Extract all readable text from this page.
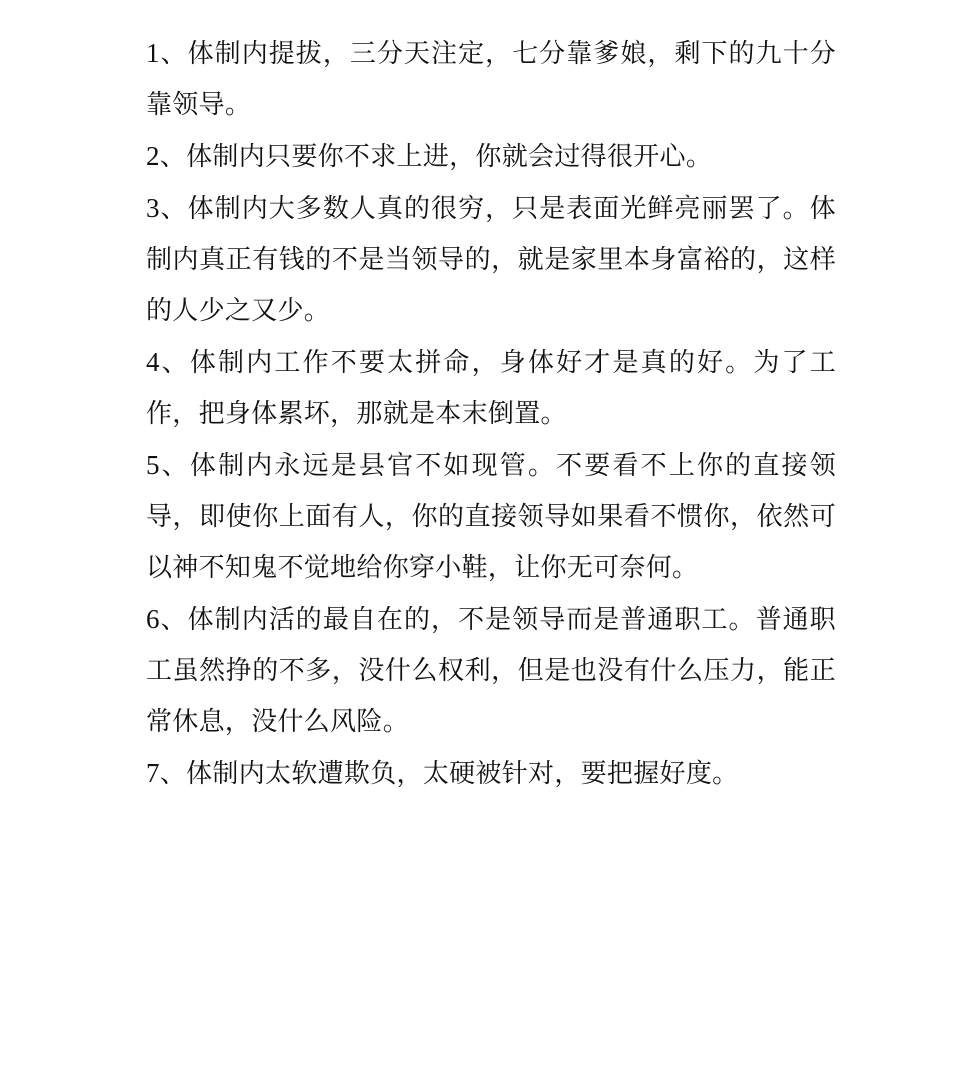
1、体制内提拔，三分天注定，七分靠爹娘，剩下的九十分靠领导。

2、体制内只要你不求上进，你就会过得很开心。

3、体制内大多数人真的很穷，只是表面光鲜亮丽罢了。体制内真正有钱的不是当领导的，就是家里本身富裕的，这样的人少之又少。

4、体制内工作不要太拼命，身体好才是真的好。为了工作，把身体累坏，那就是本末倒置。

5、体制内永远是县官不如现管。不要看不上你的直接领导，即使你上面有人，你的直接领导如果看不惯你，依然可以神不知鬼不觉地给你穿小鞋，让你无可奈何。

6、体制内活的最自在的，不是领导而是普通职工。普通职工虽然挣的不多，没什么权利，但是也没有什么压力，能正常休息，没什么风险。

7、体制内太软遭欺负，太硬被针对，要把握好度。
